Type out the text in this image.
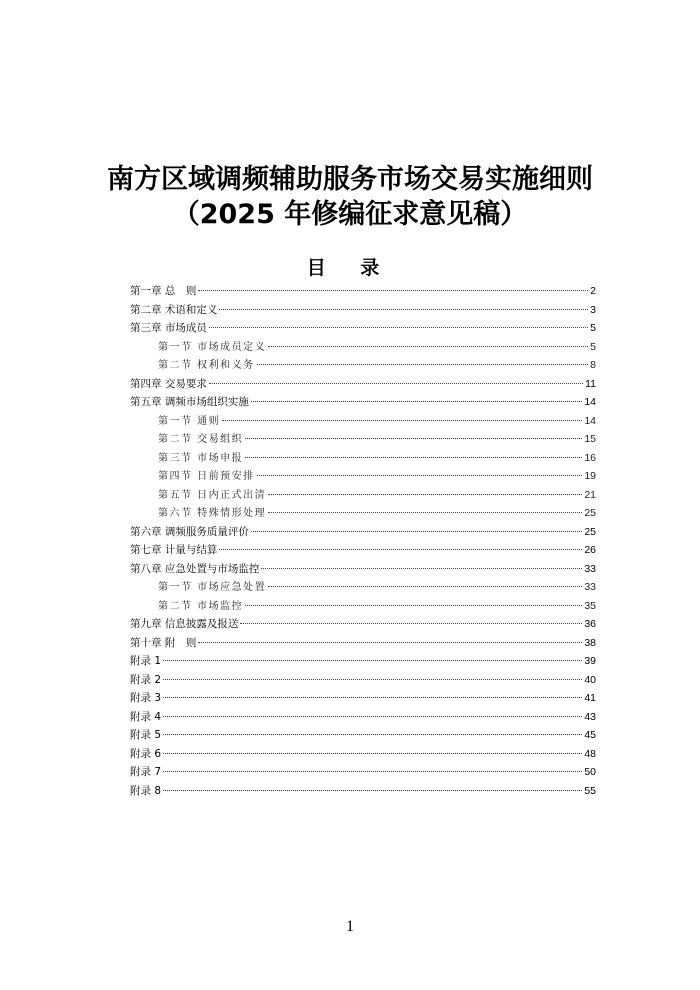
南方区域调频辅助服务市场交易实施细则
（2025 年修编征求意见稿）
目 录
第一章 总　则	2
第二章 术语和定义	3
第三章 市场成员	5
第一节 市场成员定义	5
第二节 权利和义务	8
第四章 交易要求	11
第五章 调频市场组织实施	14
第一节 通则	14
第二节 交易组织	15
第三节 市场申报	16
第四节 日前预安排	19
第五节 日内正式出清	21
第六节 特殊情形处理	25
第六章 调频服务质量评价	25
第七章 计量与结算	26
第八章 应急处置与市场监控	33
第一节 市场应急处置	33
第二节 市场监控	35
第九章 信息披露及报送	36
第十章 附　则	38
附录 1	39
附录 2	40
附录 3	41
附录 4	43
附录 5	45
附录 6	48
附录 7	50
附录 8	55
1
